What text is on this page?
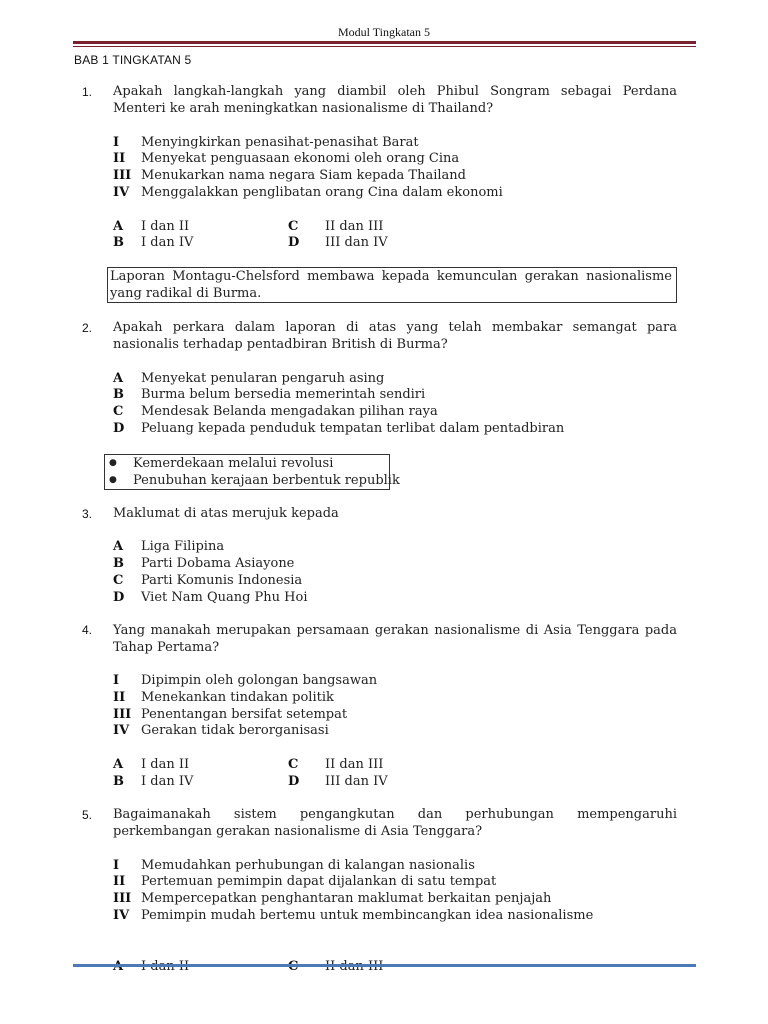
Modul Tingkatan 5
BAB 1 TINGKATAN 5
1. Apakah langkah-langkah yang diambil oleh Phibul Songram sebagai Perdana Menteri ke arah meningkatkan nasionalisme di Thailand?
I Menyingkirkan penasihat-penasihat Barat
II Menyekat penguasaan ekonomi oleh orang Cina
III Menukarkan nama negara Siam kepada Thailand
IV Menggalakkan penglibatan orang Cina dalam ekonomi
A I dan II
B I dan IV
C II dan III
D III dan IV
Laporan Montagu-Chelsford membawa kepada kemunculan gerakan nasionalisme yang radikal di Burma.
2. Apakah perkara dalam laporan di atas yang telah membakar semangat para nasionalis terhadap pentadbiran British di Burma?
A Menyekat penularan pengaruh asing
B Burma belum bersedia memerintah sendiri
C Mendesak Belanda mengadakan pilihan raya
D Peluang kepada penduduk tempatan terlibat dalam pentadbiran
● Kemerdekaan melalui revolusi
● Penubuhan kerajaan berbentuk republik
3. Maklumat di atas merujuk kepada
A Liga Filipina
B Parti Dobama Asiayone
C Parti Komunis Indonesia
D Viet Nam Quang Phu Hoi
4. Yang manakah merupakan persamaan gerakan nasionalisme di Asia Tenggara pada Tahap Pertama?
I Dipimpin oleh golongan bangsawan
II Menekankan tindakan politik
III Penentangan bersifat setempat
IV Gerakan tidak berorganisasi
A I dan II
B I dan IV
C II dan III
D III dan IV
5. Bagaimanakah sistem pengangkutan dan perhubungan mempengaruhi perkembangan gerakan nasionalisme di Asia Tenggara?
I Memudahkan perhubungan di kalangan nasionalis
II Pertemuan pemimpin dapat dijalankan di satu tempat
III Mempercepatkan penghantaran maklumat berkaitan penjajah
IV Pemimpin mudah bertemu untuk membincangkan idea nasionalisme
